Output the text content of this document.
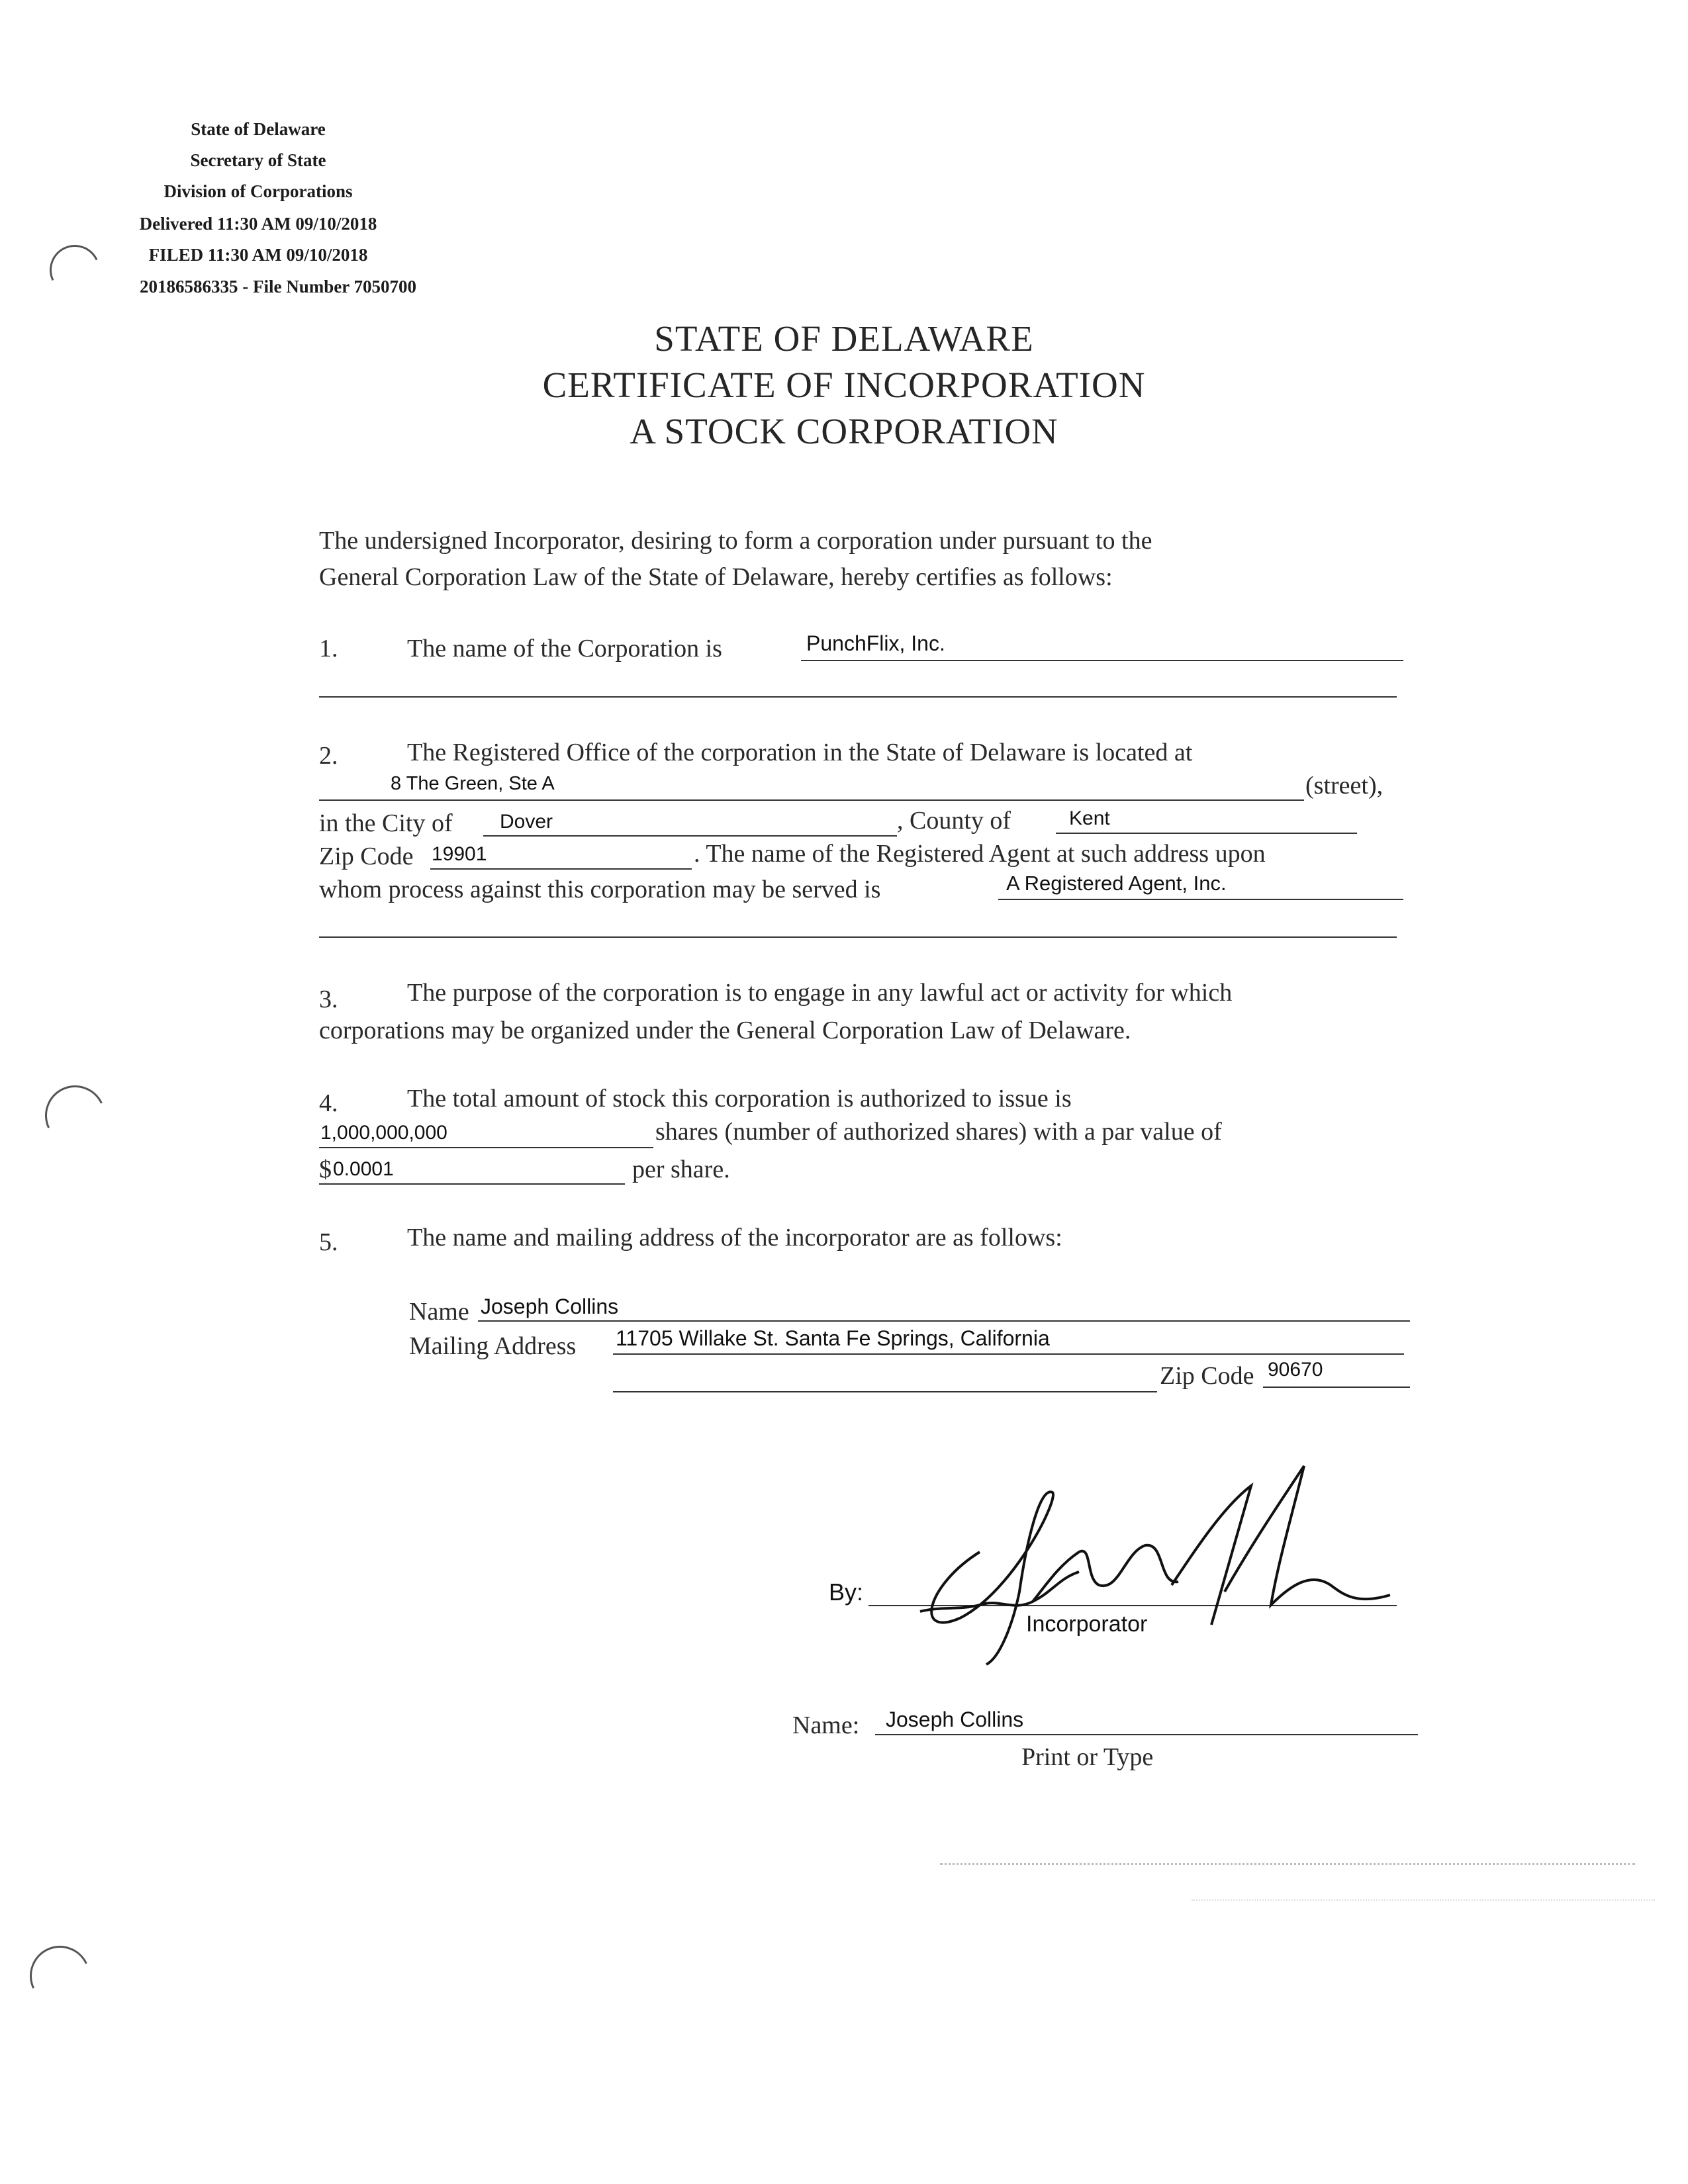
State of Delaware
Secretary of State
Division of Corporations
Delivered 11:30 AM 09/10/2018
FILED 11:30 AM 09/10/2018
20186586335 - File Number 7050700
STATE OF DELAWARE
CERTIFICATE OF INCORPORATION
A STOCK CORPORATION
The undersigned Incorporator, desiring to form a corporation under pursuant to the
General Corporation Law of the State of Delaware, hereby certifies as follows:
1.	The name of the Corporation is	PunchFlix, Inc.
2.	The Registered Office of the corporation in the State of Delaware is located at
8 The Green, Ste A	(street),
in the City of Dover	, County of	Kent
Zip Code 19901	. The name of the Registered Agent at such address upon
whom process against this corporation may be served is	A Registered Agent, Inc.
3.	The purpose of the corporation is to engage in any lawful act or activity for which
corporations may be organized under the General Corporation Law of Delaware.
4.	The total amount of stock this corporation is authorized to issue is
1,000,000,000	shares (number of authorized shares) with a par value of
$ 0.0001	per share.
5.	The name and mailing address of the incorporator are as follows:
Name Joseph Collins
Mailing Address 11705 Willake St. Santa Fe Springs, California
Zip Code 90670
By:
Incorporator
Name: Joseph Collins
Print or Type
